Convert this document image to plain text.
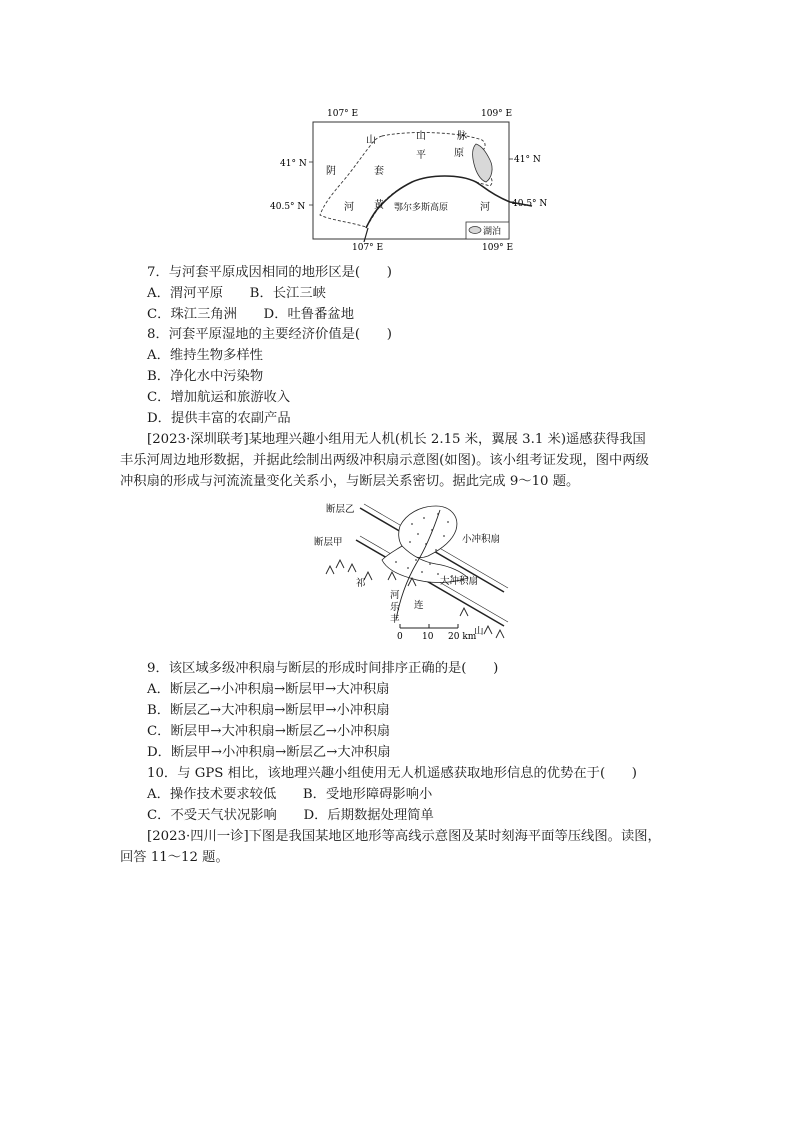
107° E	109° E
41° N
40.5° N
41° N
40.5° N
山	山	脉
阴	套
平	原
河 黄 鄂尔多斯高原	河
湖泊
107° E	109° E
7．与河套平原成因相同的地形区是(　　)
A．渭河平原　　B．长江三峡
C．珠江三角洲　　D．吐鲁番盆地
8．河套平原湿地的主要经济价值是(　　)
A．维持生物多样性
B．净化水中污染物
C．增加航运和旅游收入
D．提供丰富的农副产品
[2023·深圳联考]某地理兴趣小组用无人机(机长 2.15 米，翼展 3.1 米)遥感获得我国
丰乐河周边地形数据，并据此绘制出两级冲积扇示意图(如图)。该小组考证发现，图中两级
冲积扇的形成与河流流量变化关系小，与断层关系密切。据此完成 9～10 题。
断层乙
断层甲	小冲积扇
大冲积扇
祁
连
山
河
乐
丰
0 10 20 km
9．该区域多级冲积扇与断层的形成时间排序正确的是(　　)
A．断层乙→小冲积扇→断层甲→大冲积扇
B．断层乙→大冲积扇→断层甲→小冲积扇
C．断层甲→大冲积扇→断层乙→小冲积扇
D．断层甲→小冲积扇→断层乙→大冲积扇
10．与 GPS 相比，该地理兴趣小组使用无人机遥感获取地形信息的优势在于(　　)
A．操作技术要求较低　　B．受地形障碍影响小
C．不受天气状况影响　　D．后期数据处理简单
[2023·四川一诊]下图是我国某地区地形等高线示意图及某时刻海平面等压线图。读图，
回答 11～12 题。
